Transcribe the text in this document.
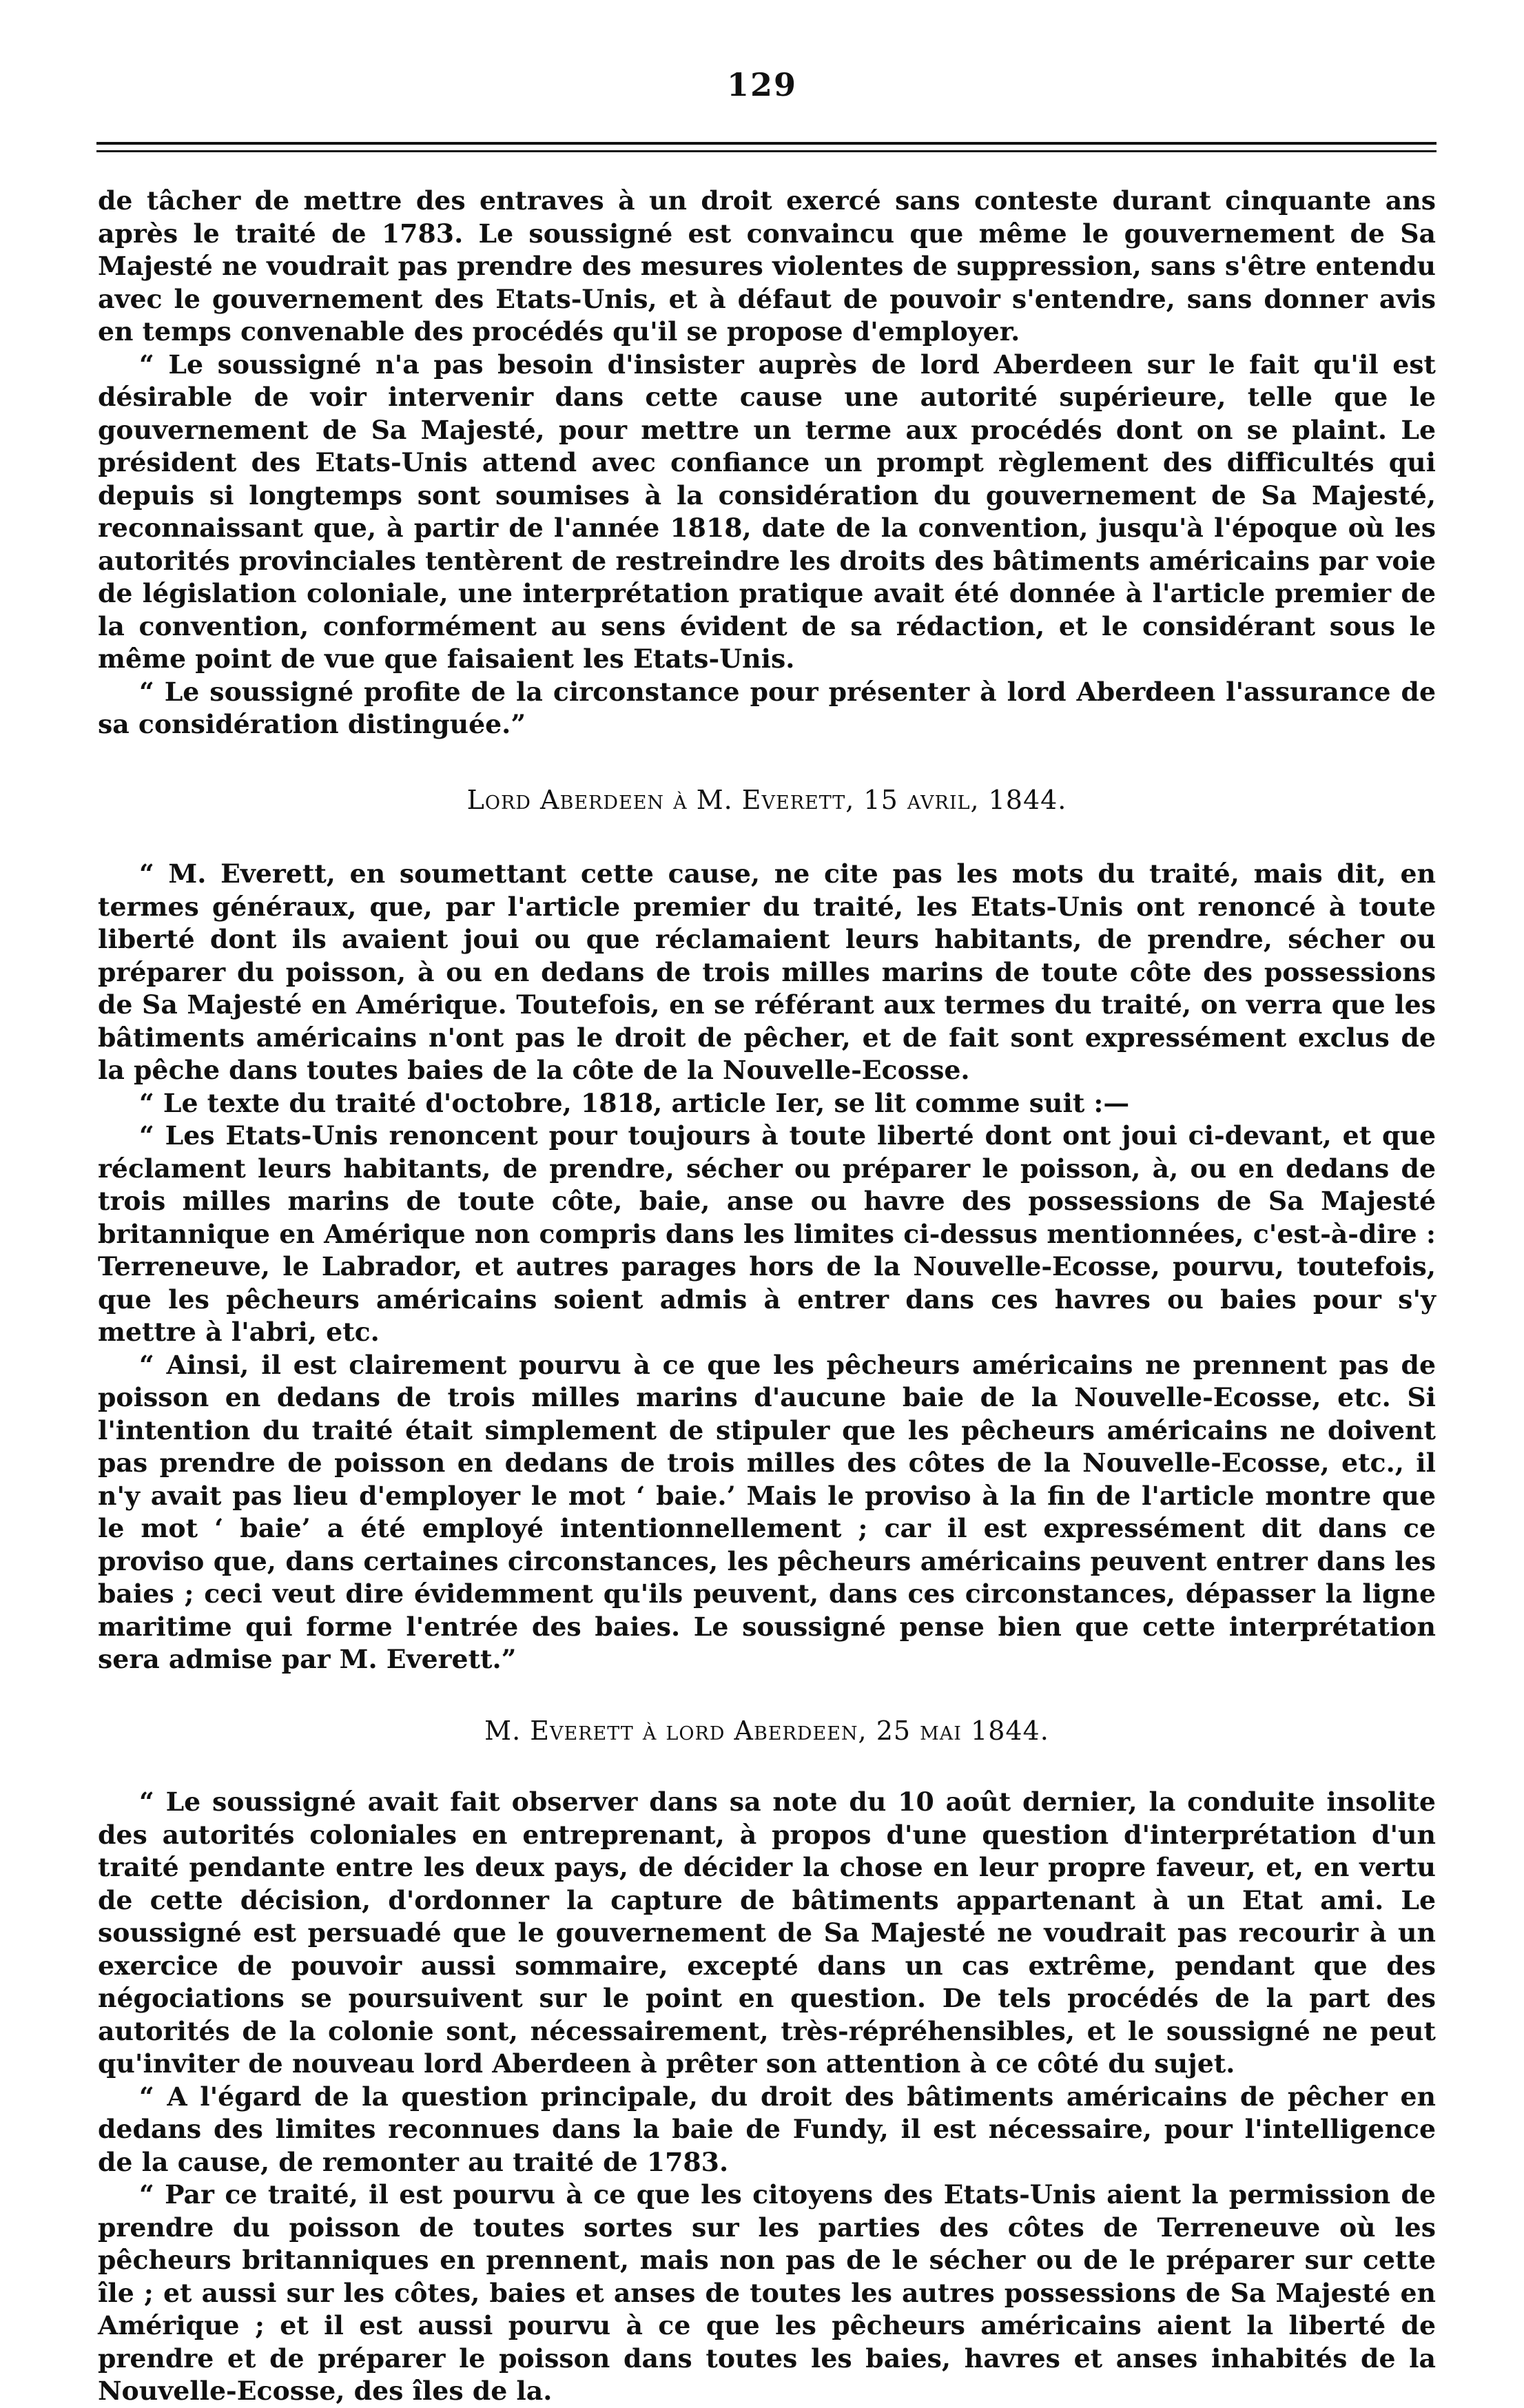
129

de tâcher de mettre des entraves à un droit exercé sans conteste durant cinquante ans après le traité de 1783. Le soussigné est convaincu que même le gouvernement de Sa Majesté ne voudrait pas prendre des mesures violentes de suppression, sans s'être entendu avec le gouvernement des Etats-Unis, et à défaut de pouvoir s'entendre, sans donner avis en temps convenable des procédés qu'il se propose d'employer.

“ Le soussigné n'a pas besoin d'insister auprès de lord Aberdeen sur le fait qu'il est désirable de voir intervenir dans cette cause une autorité supérieure, telle que le gouvernement de Sa Majesté, pour mettre un terme aux procédés dont on se plaint. Le président des Etats-Unis attend avec confiance un prompt règlement des difficultés qui depuis si longtemps sont soumises à la considération du gouvernement de Sa Majesté, reconnaissant que, à partir de l'année 1818, date de la convention, jusqu'à l'époque où les autorités provinciales tentèrent de restreindre les droits des bâtiments américains par voie de législation coloniale, une interprétation pratique avait été donnée à l'article premier de la convention, conformément au sens évident de sa rédaction, et le considérant sous le même point de vue que faisaient les Etats-Unis.

“ Le soussigné profite de la circonstance pour présenter à lord Aberdeen l'assurance de sa considération distinguée.”

Lord Aberdeen à M. Everett, 15 avril, 1844.

“ M. Everett, en soumettant cette cause, ne cite pas les mots du traité, mais dit, en termes généraux, que, par l'article premier du traité, les Etats-Unis ont renoncé à toute liberté dont ils avaient joui ou que réclamaient leurs habitants, de prendre, sécher ou préparer du poisson, à ou en dedans de trois milles marins de toute côte des possessions de Sa Majesté en Amérique. Toutefois, en se référant aux termes du traité, on verra que les bâtiments américains n'ont pas le droit de pêcher, et de fait sont expressément exclus de la pêche dans toutes baies de la côte de la Nouvelle-Ecosse.

“ Le texte du traité d'octobre, 1818, article Ier, se lit comme suit :—

“ Les Etats-Unis renoncent pour toujours à toute liberté dont ont joui ci-devant, et que réclament leurs habitants, de prendre, sécher ou préparer le poisson, à, ou en dedans de trois milles marins de toute côte, baie, anse ou havre des possessions de Sa Majesté britannique en Amérique non compris dans les limites ci-dessus mentionnées, c'est-à-dire : Terreneuve, le Labrador, et autres parages hors de la Nouvelle-Ecosse, pourvu, toutefois, que les pêcheurs américains soient admis à entrer dans ces havres ou baies pour s'y mettre à l'abri, etc.

“ Ainsi, il est clairement pourvu à ce que les pêcheurs américains ne prennent pas de poisson en dedans de trois milles marins d'aucune baie de la Nouvelle-Ecosse, etc. Si l'intention du traité était simplement de stipuler que les pêcheurs américains ne doivent pas prendre de poisson en dedans de trois milles des côtes de la Nouvelle-Ecosse, etc., il n'y avait pas lieu d'employer le mot ‘ baie.’ Mais le proviso à la fin de l'article montre que le mot ‘ baie’ a été employé intentionnellement ; car il est expressément dit dans ce proviso que, dans certaines circonstances, les pêcheurs américains peuvent entrer dans les baies ; ceci veut dire évidemment qu'ils peuvent, dans ces circonstances, dépasser la ligne maritime qui forme l'entrée des baies. Le soussigné pense bien que cette interprétation sera admise par M. Everett.”

M. Everett à lord Aberdeen, 25 mai 1844.

“ Le soussigné avait fait observer dans sa note du 10 août dernier, la conduite insolite des autorités coloniales en entreprenant, à propos d'une question d'interprétation d'un traité pendante entre les deux pays, de décider la chose en leur propre faveur, et, en vertu de cette décision, d'ordonner la capture de bâtiments appartenant à un Etat ami. Le soussigné est persuadé que le gouvernement de Sa Majesté ne voudrait pas recourir à un exercice de pouvoir aussi sommaire, excepté dans un cas extrême, pendant que des négociations se poursuivent sur le point en question. De tels procédés de la part des autorités de la colonie sont, nécessairement, très-répréhensibles, et le soussigné ne peut qu'inviter de nouveau lord Aberdeen à prêter son attention à ce côté du sujet.

“ A l'égard de la question principale, du droit des bâtiments américains de pêcher en dedans des limites reconnues dans la baie de Fundy, il est nécessaire, pour l'intelligence de la cause, de remonter au traité de 1783.

“ Par ce traité, il est pourvu à ce que les citoyens des Etats-Unis aient la permission de prendre du poisson de toutes sortes sur les parties des côtes de Terreneuve où les pêcheurs britanniques en prennent, mais non pas de le sécher ou de le préparer sur cette île ; et aussi sur les côtes, baies et anses de toutes les autres possessions de Sa Majesté en Amérique ; et il est aussi pourvu à ce que les pêcheurs américains aient la liberté de prendre et de préparer le poisson dans toutes les baies, havres et anses inhabités de la Nouvelle-Ecosse, des îles de la.
